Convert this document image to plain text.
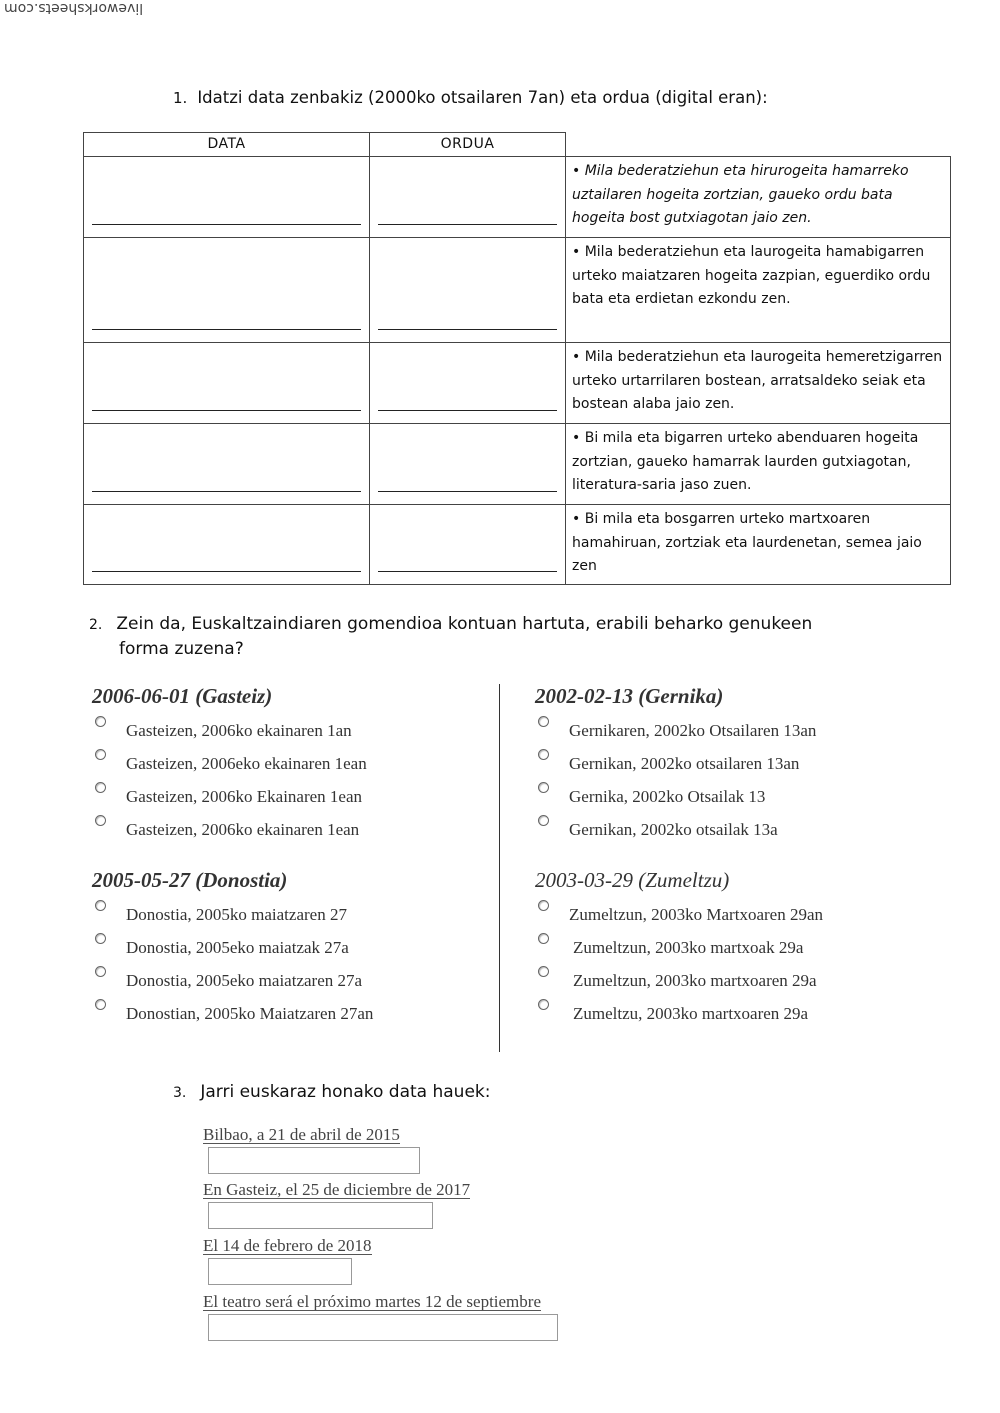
liveworksheets.com
1. Idatzi data zenbakiz (2000ko otsailaren 7an) eta ordua (digital eran):
DATA	ORDUA
• Mila bederatziehun eta hirurogeita hamarreko uztailaren hogeita zortzian, gaueko ordu bata hogeita bost gutxiagotan jaio zen.
• Mila bederatziehun eta laurogeita hamabigarren urteko maiatzaren hogeita zazpian, eguerdiko ordu bata eta erdietan ezkondu zen.
• Mila bederatziehun eta laurogeita hemeretzigarren urteko urtarrilaren bostean, arratsaldeko seiak eta bostean alaba jaio zen.
• Bi mila eta bigarren urteko abenduaren hogeita zortzian, gaueko hamarrak laurden gutxiagotan, literatura-saria jaso zuen.
• Bi mila eta bosgarren urteko martxoaren hamahiruan, zortziak eta laurdenetan, semea jaio zen
2. Zein da, Euskaltzaindiaren gomendioa kontuan hartuta, erabili beharko genukeen
forma zuzena?
2006-06-01 (Gasteiz)
Gasteizen, 2006ko ekainaren 1an
Gasteizen, 2006eko ekainaren 1ean
Gasteizen, 2006ko Ekainaren 1ean
Gasteizen, 2006ko ekainaren 1ean
2002-02-13 (Gernika)
Gernikaren, 2002ko Otsailaren 13an
Gernikan, 2002ko otsailaren 13an
Gernika, 2002ko Otsailak 13
Gernikan, 2002ko otsailak 13a
2005-05-27 (Donostia)
Donostia, 2005ko maiatzaren 27
Donostia, 2005eko maiatzak 27a
Donostia, 2005eko maiatzaren 27a
Donostian, 2005ko Maiatzaren 27an
2003-03-29 (Zumeltzu)
Zumeltzun, 2003ko Martxoaren 29an
Zumeltzun, 2003ko martxoak 29a
Zumeltzun, 2003ko martxoaren 29a
Zumeltzu, 2003ko martxoaren 29a
3. Jarri euskaraz honako data hauek:
Bilbao, a 21 de abril de 2015
En Gasteiz, el 25 de diciembre de 2017
El 14 de febrero de 2018
El teatro será el próximo martes 12 de septiembre
